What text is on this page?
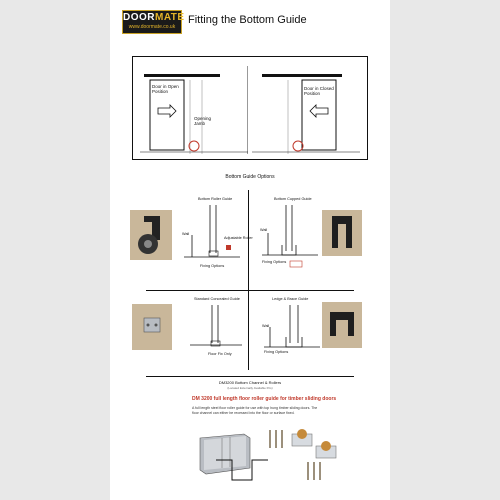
DOORMATE
www.doormate.co.uk
Fitting the Bottom Guide
Door in Open Position
Opening Jamb
Door in Closed Position
Bottom Guide Options
Bottom Roller Guide
Wall
Adjustable Roller
Fixing Options
Bottom Cupped Guide
Wall
Fixing Options
Standard Concealed Guide
Floor Fix Only
Ledge & Brace Guide
Wall
Fixing Options
DM3200 Bottom Channel & Rollers
(Located Externally Available Pcs)
DM 3200 full length floor roller guide for timber sliding doors
A full length steel floor roller guide for use with top hung timber sliding doors. The floor channel can either be recessed into the floor or surface fixed.
